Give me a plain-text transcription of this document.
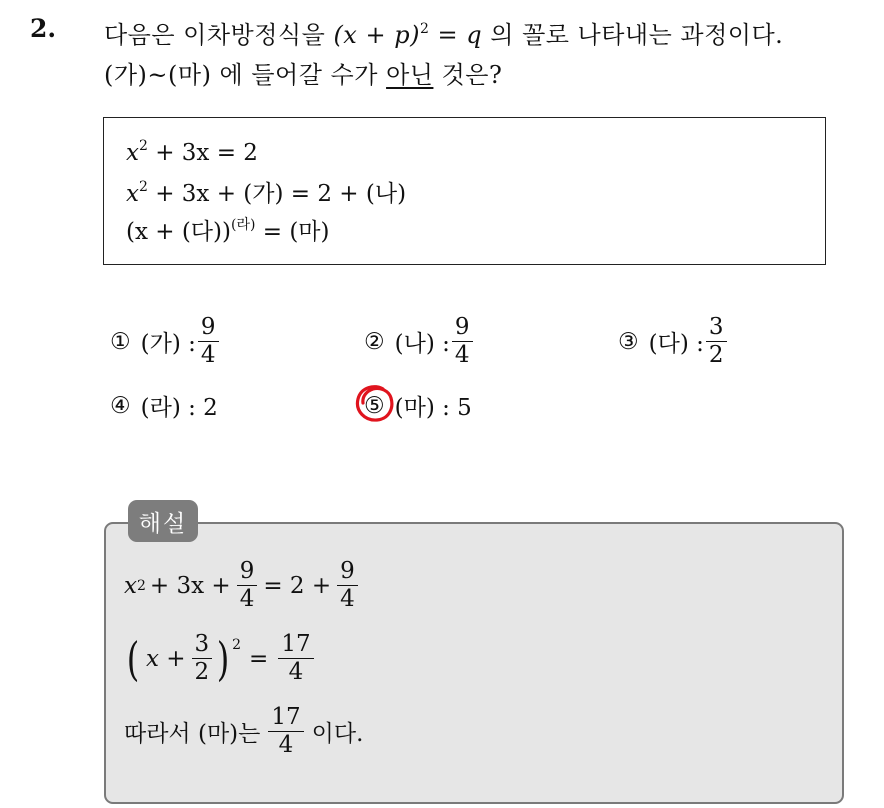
2. 다음은 이차방정식을 $(x + p)^2 = q$ 의 꼴로 나타내는 과정이다.
(가)~(마) 에 들어갈 수가 아닌 것은?
$x^2 + 3x = 2$
$x^2 + 3x$ + (가) = 2 + (나)
(x + (다))$^{(라)}$ = (마)
① (가) : $\frac{9}{4}$	② (나) : $\frac{9}{4}$	③ (다) : $\frac{3}{2}$
④ (라) : 2	⑤ (마) : 5
해설
x $2 + 3x + \frac{9}{4} = 2 + \frac{9}{4}$
( $x + \frac{3}{2}$ ) 2
= $\frac{17}{4}$
따라서 (마)는 $\frac{17}{4}$ 이다.
